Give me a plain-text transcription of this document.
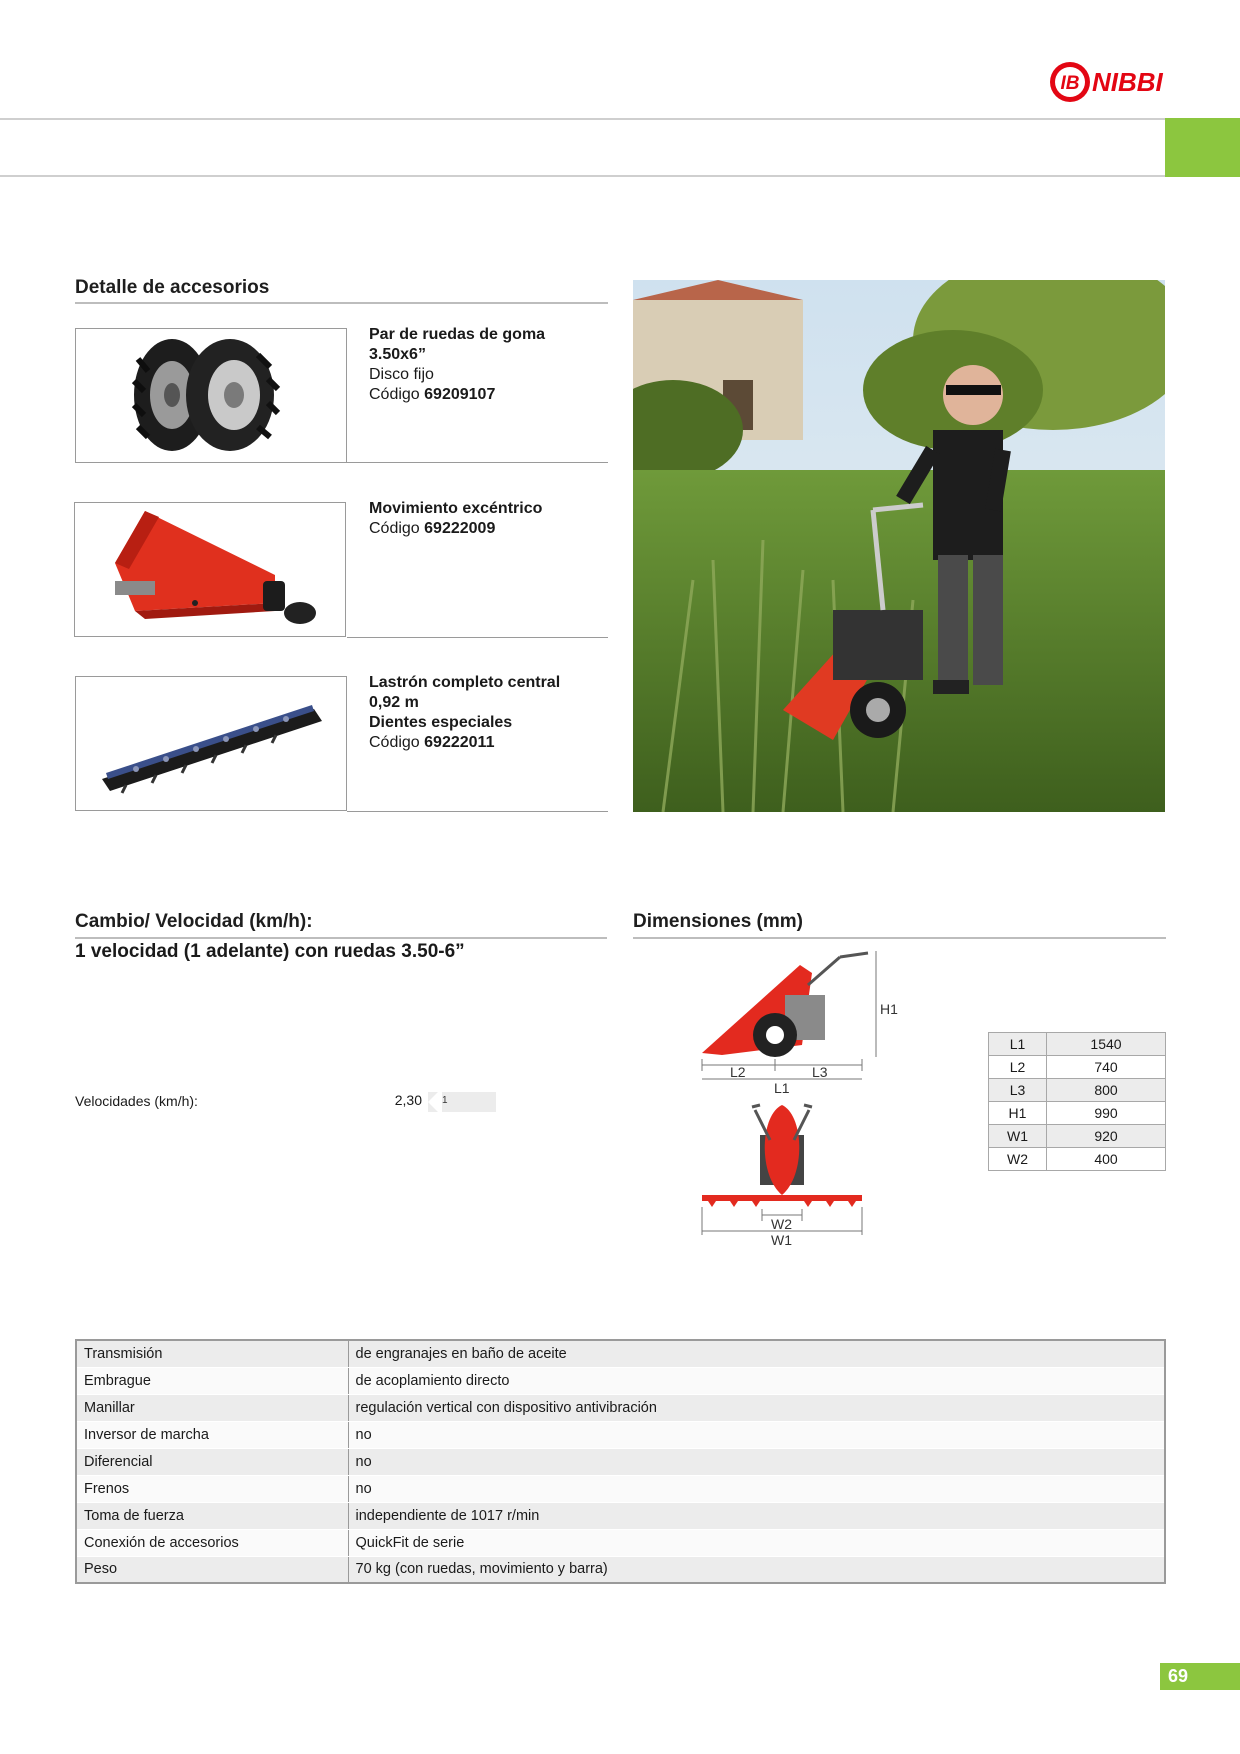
IB NIBBI
Detalle de accesorios
Par de ruedas de goma
3.50x6”
Disco fijo
Código 69209107
Movimiento excéntrico
Código 69222009
Lastrón completo central
0,92 m
Dientes especiales
Código 69222011
Cambio/ Velocidad (km/h):
1 velocidad (1 adelante) con ruedas 3.50-6”
Velocidades (km/h):	2,30 1
Dimensiones (mm)
H1
L2	L3
L1
W2
W1
L1	1540
L2	740
L3	800
H1	990
W1	920
W2	400
Transmisión	de engranajes en baño de aceite
Embrague	de acoplamiento directo
Manillar	regulación vertical con dispositivo antivibración
Inversor de marcha	no
Diferencial	no
Frenos	no
Toma de fuerza	independiente de 1017 r/min
Conexión de accesorios	QuickFit de serie
Peso	70 kg (con ruedas, movimiento y barra)
69
